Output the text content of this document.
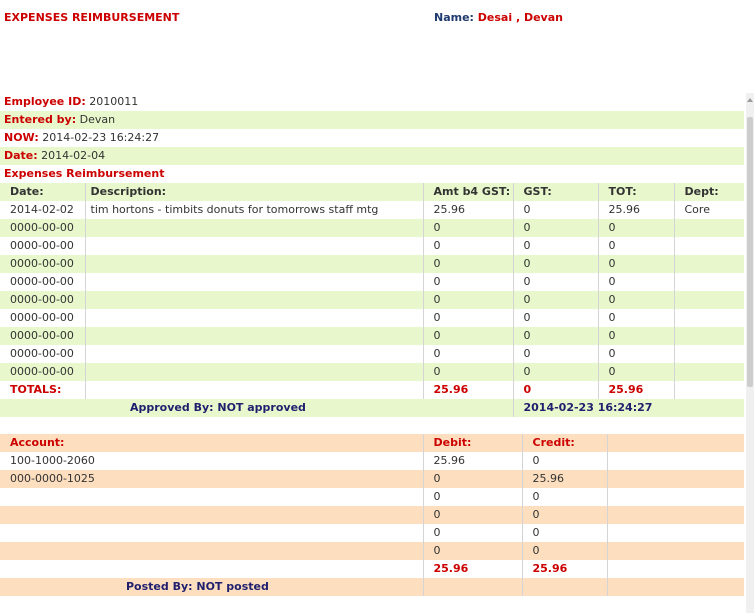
EXPENSES REIMBURSEMENT	Name: Desai , Devan
Employee ID: 2010011
Entered by: Devan
NOW: 2014-02-23 16:24:27
Date: 2014-02-04
Expenses Reimbursement
Date:	Description:	Amt b4 GST:	GST:	TOT:	Dept:
2014-02-02	tim hortons - timbits donuts for tomorrows staff mtg	25.96	0	25.96	Core
0000-00-00		0	0	0	
0000-00-00		0	0	0	
0000-00-00		0	0	0	
0000-00-00		0	0	0	
0000-00-00		0	0	0	
0000-00-00		0	0	0	
0000-00-00		0	0	0	
0000-00-00		0	0	0	
0000-00-00		0	0	0	
TOTALS:		25.96	0	25.96	
Approved By: NOT approved			2014-02-23 16:24:27		
Account:	Debit:	Credit:	
100-1000-2060	25.96	0	
000-0000-1025	0	25.96	
	0	0	
	0	0	
	0	0	
	0	0	
	25.96	25.96	
Posted By: NOT posted			
